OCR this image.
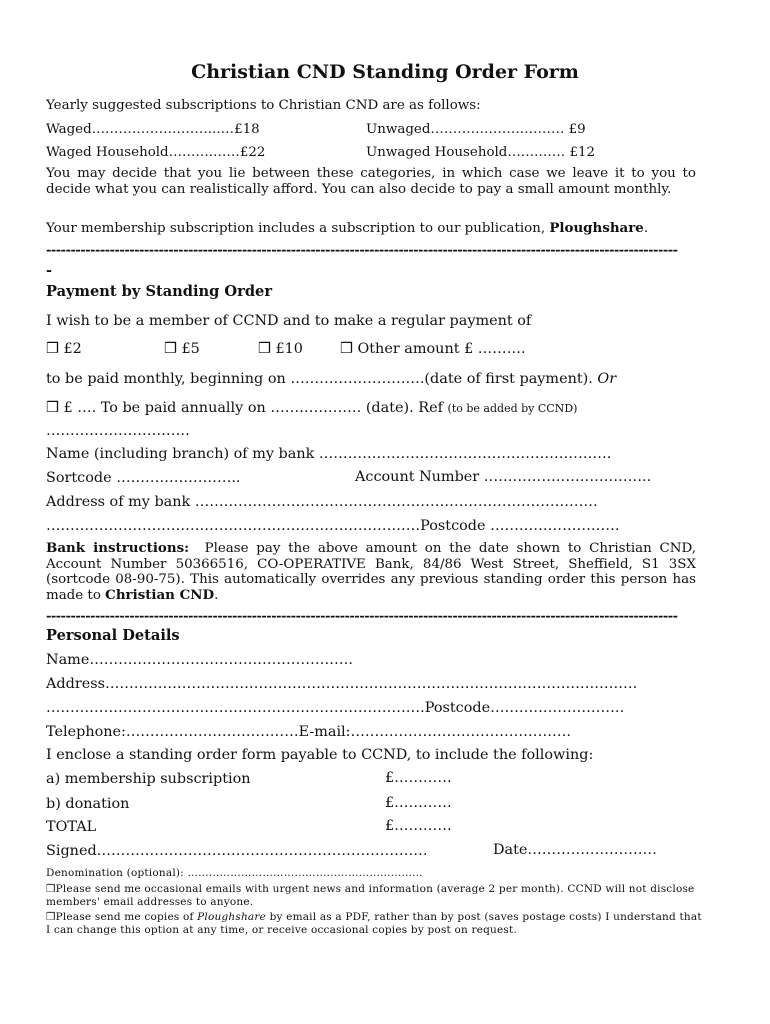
Christian CND Standing Order Form
Yearly suggested subscriptions to Christian CND are as follows:
Waged………………………..…£18	Unwaged………………………… £9
Waged Household……….……£22	Unwaged Household…….…… £12
You may decide that you lie between these categories, in which case we leave it to you to decide what you can realistically afford. You can also decide to pay a small amount monthly.
Your membership subscription includes a subscription to our publication, Ploughshare.
---------------------------------------------------------------------------------------------------------------------------------
-
Payment by Standing Order
I wish to be a member of CCND and to make a regular payment of
❒ £2	❒ £5	❒ £10	❒ Other amount £ ……….
to be paid monthly, beginning on ……………………….(date of first payment). Or
❒ £ …. To be paid annually on ………………. (date). Ref (to be added by CCND)
…………………………
Name (including branch) of my bank …………………………………………………….
Sortcode ……………………..	Account Number ……………………………..
Address of my bank …………………………………………………………………………
……………………………………………………………………Postcode ………………………
Bank instructions: Please pay the above amount on the date shown to Christian CND, Account Number 50366516, CO-OPERATIVE Bank, 84/86 West Street, Sheffield, S1 3SX (sortcode 08-90-75). This automatically overrides any previous standing order this person has made to Christian CND.
---------------------------------------------------------------------------------------------------------------------------------
Personal Details
Name……………………………………………….
Address…………………………………………………………………………………………………
…………………………………………………………………….Postcode……………………….
Telephone:………………………………E-mail:……………………………………….
I enclose a standing order form payable to CCND, to include the following:
a) membership subscription	£…………
b) donation	£…………
TOTAL	£…………
Signed……………………………………………………………	Date………………………
Denomination (optional): …………………………………………………………
❒Please send me occasional emails with urgent news and information (average 2 per month). CCND will not disclose members' email addresses to anyone.
❒Please send me copies of Ploughshare by email as a PDF, rather than by post (saves postage costs) I understand that I can change this option at any time, or receive occasional copies by post on request.
